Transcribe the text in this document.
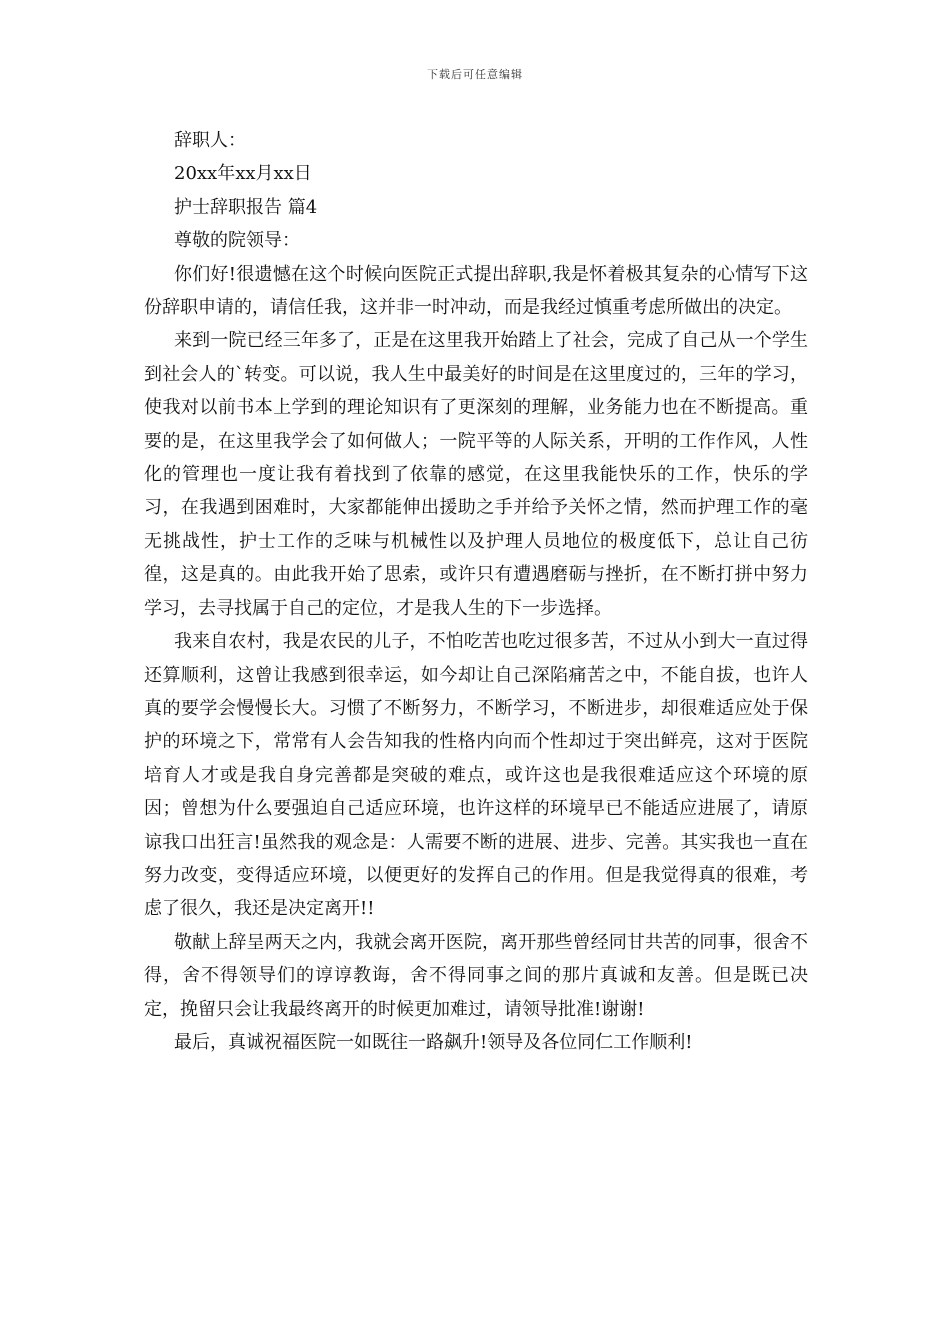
下载后可任意编辑

辞职人：

20xx年xx月xx日

护士辞职报告 篇4

尊敬的院领导：

你们好!很遗憾在这个时候向医院正式提出辞职,我是怀着极其复杂的心情写下这份辞职申请的，请信任我，这并非一时冲动，而是我经过慎重考虑所做出的决定。

来到一院已经三年多了，正是在这里我开始踏上了社会，完成了自己从一个学生到社会人的`转变。可以说，我人生中最美好的时间是在这里度过的，三年的学习，使我对以前书本上学到的理论知识有了更深刻的理解，业务能力也在不断提高。重要的是，在这里我学会了如何做人；一院平等的人际关系，开明的工作作风，人性化的管理也一度让我有着找到了依靠的感觉，在这里我能快乐的工作，快乐的学习，在我遇到困难时，大家都能伸出援助之手并给予关怀之情，然而护理工作的毫无挑战性，护士工作的乏味与机械性以及护理人员地位的极度低下，总让自己彷徨，这是真的。由此我开始了思索，或许只有遭遇磨砺与挫折，在不断打拼中努力学习，去寻找属于自己的定位，才是我人生的下一步选择。

我来自农村，我是农民的儿子，不怕吃苦也吃过很多苦，不过从小到大一直过得还算顺利，这曾让我感到很幸运，如今却让自己深陷痛苦之中，不能自拔，也许人真的要学会慢慢长大。习惯了不断努力，不断学习，不断进步，却很难适应处于保护的环境之下，常常有人会告知我的性格内向而个性却过于突出鲜亮，这对于医院培育人才或是我自身完善都是突破的难点，或许这也是我很难适应这个环境的原因；曾想为什么要强迫自己适应环境，也许这样的环境早已不能适应进展了，请原谅我口出狂言!虽然我的观念是：人需要不断的进展、进步、完善。其实我也一直在努力改变，变得适应环境，以便更好的发挥自己的作用。但是我觉得真的很难，考虑了很久，我还是决定离开!!

敬献上辞呈两天之内，我就会离开医院，离开那些曾经同甘共苦的同事，很舍不得，舍不得领导们的谆谆教诲，舍不得同事之间的那片真诚和友善。但是既已决定，挽留只会让我最终离开的时候更加难过，请领导批准!谢谢!

最后，真诚祝福医院一如既往一路飙升!领导及各位同仁工作顺利!
